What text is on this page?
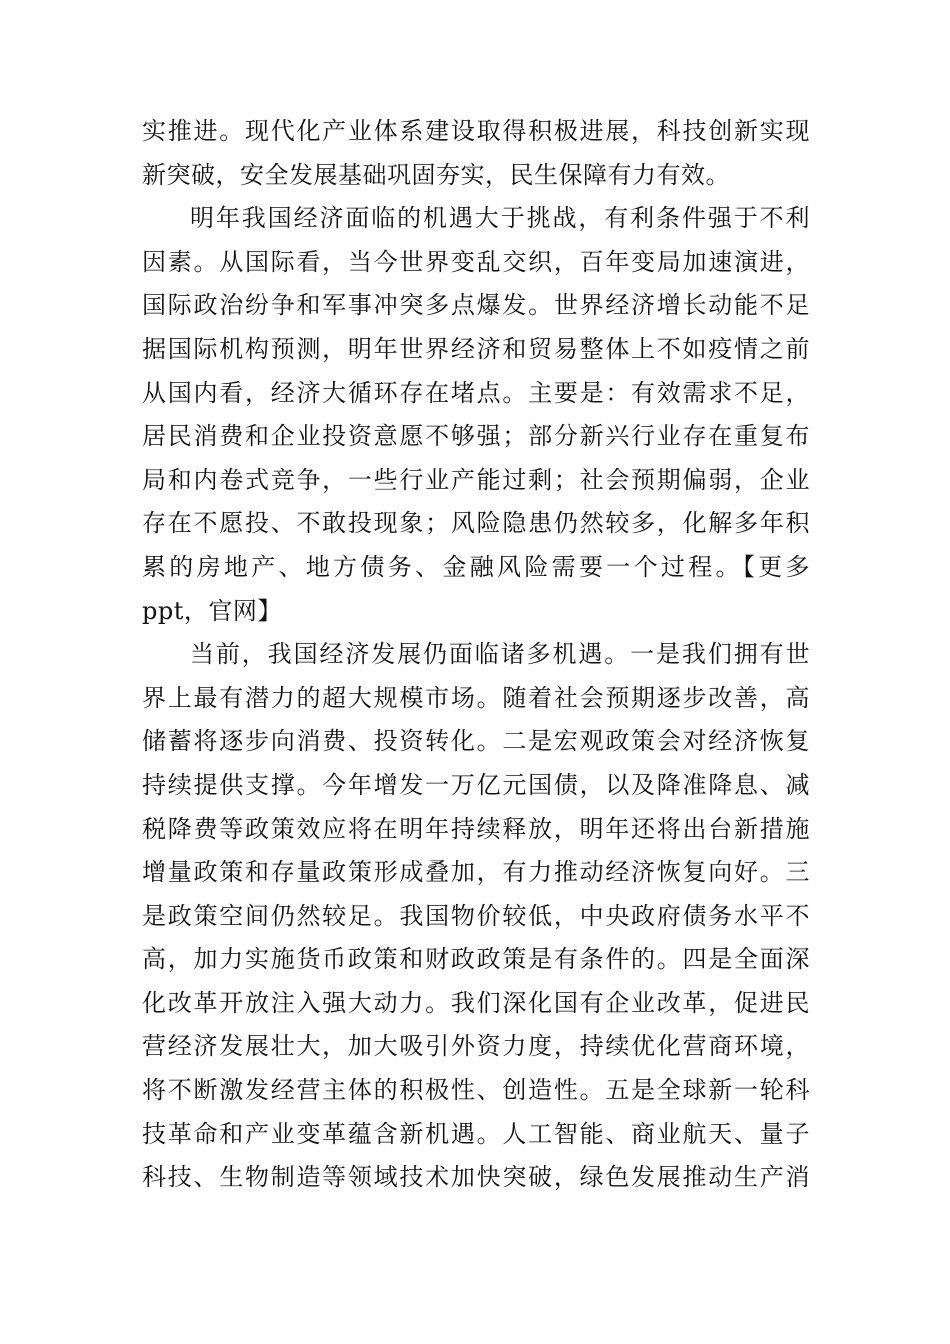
实推进。现代化产业体系建设取得积极进展，科技创新实现
新突破，安全发展基础巩固夯实，民生保障有力有效。
明年我国经济面临的机遇大于挑战，有利条件强于不利
因素。从国际看，当今世界变乱交织，百年变局加速演进，
国际政治纷争和军事冲突多点爆发。世界经济增长动能不足
据国际机构预测，明年世界经济和贸易整体上不如疫情之前
从国内看，经济大循环存在堵点。主要是：有效需求不足，
居民消费和企业投资意愿不够强；部分新兴行业存在重复布
局和内卷式竞争，一些行业产能过剩；社会预期偏弱，企业
存在不愿投、不敢投现象；风险隐患仍然较多，化解多年积
累的房地产、地方债务、金融风险需要一个过程。【更多
ppt，官网】
当前，我国经济发展仍面临诸多机遇。一是我们拥有世
界上最有潜力的超大规模市场。随着社会预期逐步改善，高
储蓄将逐步向消费、投资转化。二是宏观政策会对经济恢复
持续提供支撑。今年增发一万亿元国债，以及降准降息、减
税降费等政策效应将在明年持续释放，明年还将出台新措施
增量政策和存量政策形成叠加，有力推动经济恢复向好。三
是政策空间仍然较足。我国物价较低，中央政府债务水平不
高，加力实施货币政策和财政政策是有条件的。四是全面深
化改革开放注入强大动力。我们深化国有企业改革，促进民
营经济发展壮大，加大吸引外资力度，持续优化营商环境，
将不断激发经营主体的积极性、创造性。五是全球新一轮科
技革命和产业变革蕴含新机遇。人工智能、商业航天、量子
科技、生物制造等领域技术加快突破，绿色发展推动生产消
